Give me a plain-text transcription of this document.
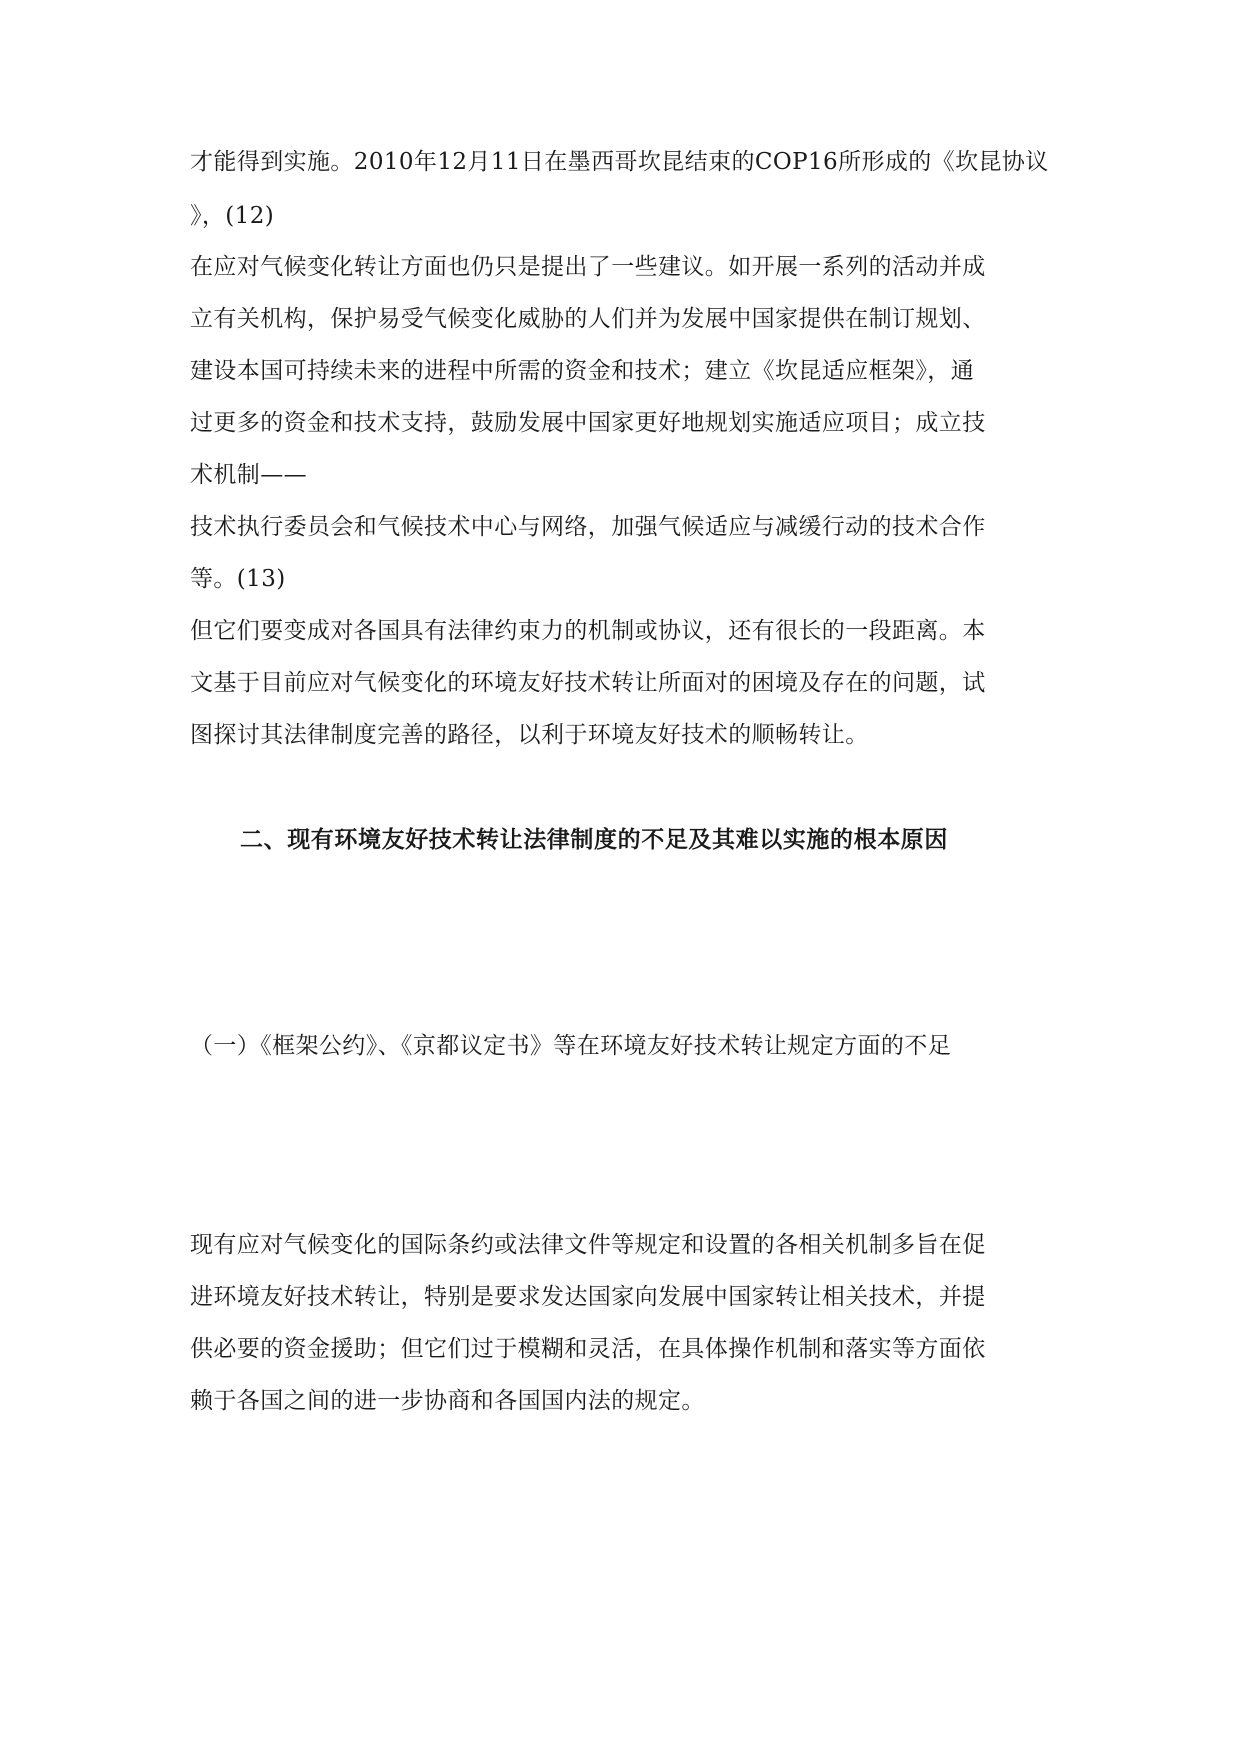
才能得到实施。2010年12月11日在墨西哥坎昆结束的COP16所形成的《坎昆协议
》，(12)
在应对气候变化转让方面也仍只是提出了一些建议。如开展一系列的活动并成
立有关机构，保护易受气候变化威胁的人们并为发展中国家提供在制订规划、
建设本国可持续未来的进程中所需的资金和技术；建立《坎昆适应框架》，通
过更多的资金和技术支持，鼓励发展中国家更好地规划实施适应项目；成立技
术机制——
技术执行委员会和气候技术中心与网络，加强气候适应与减缓行动的技术合作
等。(13)
但它们要变成对各国具有法律约束力的机制或协议，还有很长的一段距离。本
文基于目前应对气候变化的环境友好技术转让所面对的困境及存在的问题，试
图探讨其法律制度完善的路径，以利于环境友好技术的顺畅转让。
二、现有环境友好技术转让法律制度的不足及其难以实施的根本原因
（一）《框架公约》、《京都议定书》等在环境友好技术转让规定方面的不足
现有应对气候变化的国际条约或法律文件等规定和设置的各相关机制多旨在促
进环境友好技术转让，特别是要求发达国家向发展中国家转让相关技术，并提
供必要的资金援助；但它们过于模糊和灵活，在具体操作机制和落实等方面依
赖于各国之间的进一步协商和各国国内法的规定。
